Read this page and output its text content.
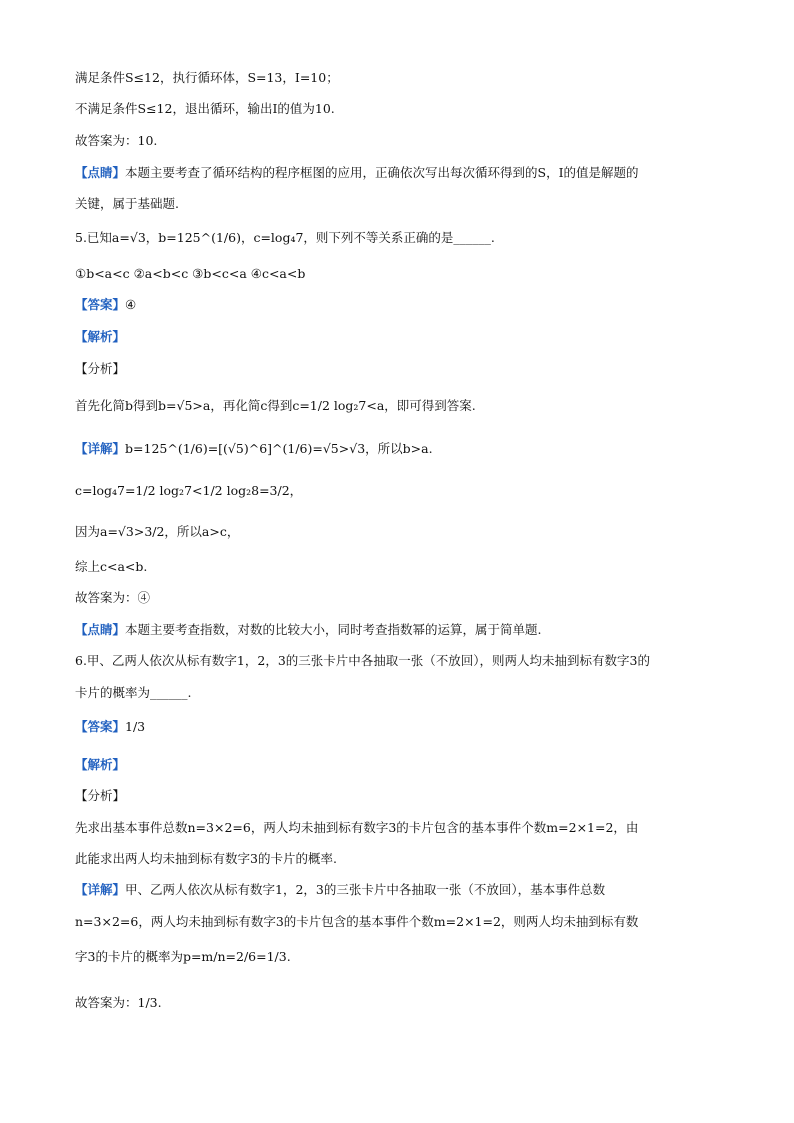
满足条件S≤12，执行循环体，S=13，I=10；
不满足条件S≤12，退出循环，输出I的值为10.
故答案为：10.
【点睛】本题主要考查了循环结构的程序框图的应用，正确依次写出每次循环得到的S，I的值是解题的
关键，属于基础题.
5.已知a=√3，b=125^(1/6)，c=log₄7，则下列不等关系正确的是______.
①b<a<c ②a<b<c ③b<c<a ④c<a<b
【答案】④
【解析】
【分析】
首先化简b得到b=√5>a，再化简c得到c=1/2 log₂7<a，即可得到答案.
【详解】b=125^(1/6)=[(√5)^6]^(1/6)=√5>√3，所以b>a.
c=log₄7=1/2 log₂7<1/2 log₂8=3/2，
因为a=√3>3/2，所以a>c，
综上c<a<b.
故答案为：④
【点睛】本题主要考查指数，对数的比较大小，同时考查指数幂的运算，属于简单题.
6.甲、乙两人依次从标有数字1，2，3的三张卡片中各抽取一张（不放回），则两人均未抽到标有数字3的
卡片的概率为______.
【答案】1/3
【解析】
【分析】
先求出基本事件总数n=3×2=6，两人均未抽到标有数字3的卡片包含的基本事件个数m=2×1=2，由
此能求出两人均未抽到标有数字3的卡片的概率.
【详解】甲、乙两人依次从标有数字1，2，3的三张卡片中各抽取一张（不放回），基本事件总数
n=3×2=6，两人均未抽到标有数字3的卡片包含的基本事件个数m=2×1=2，则两人均未抽到标有数
字3的卡片的概率为p=m/n=2/6=1/3.
故答案为：1/3.
